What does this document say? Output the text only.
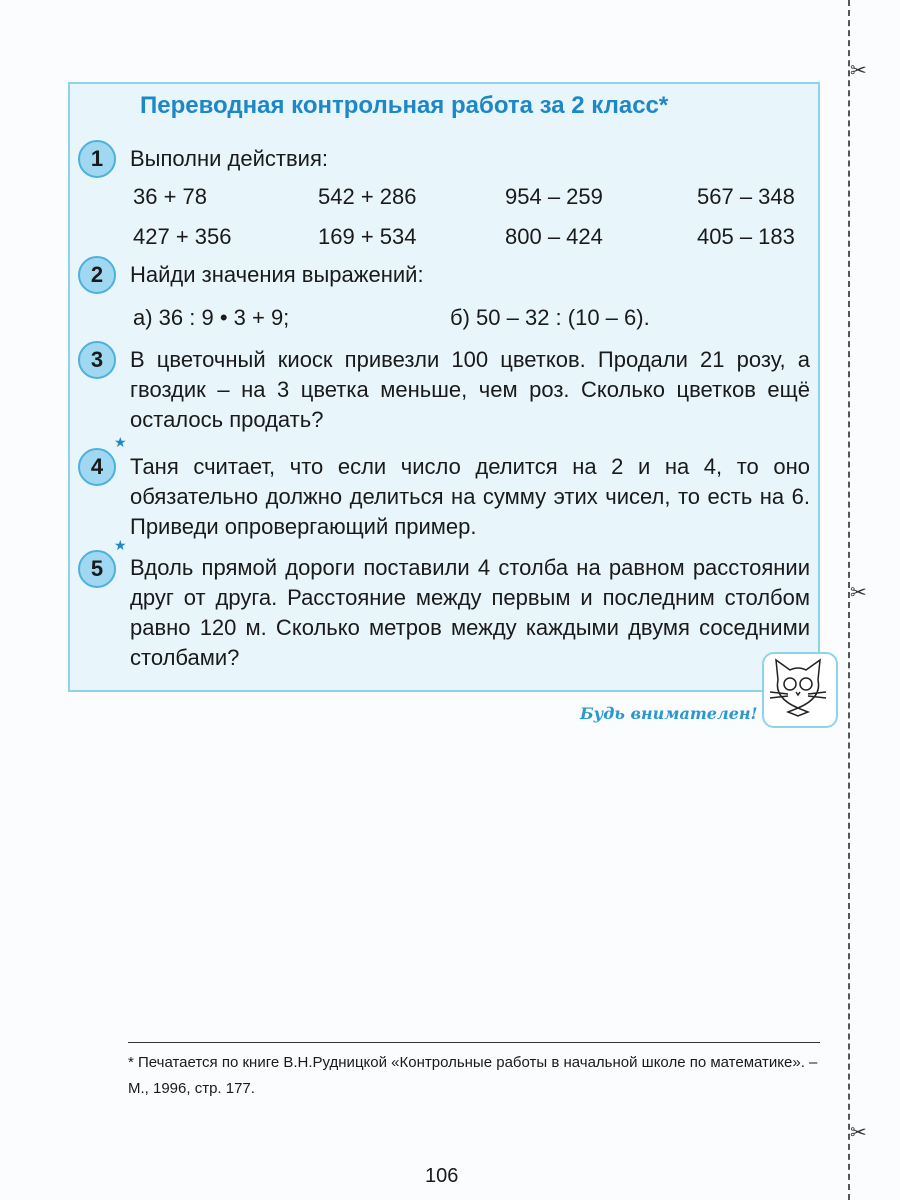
✂
✂
✂
Переводная контрольная работа за 2 класс*
1	Выполни действия:
36 + 78	542 + 286	954 – 259	567 – 348
427 + 356	169 + 534	800 – 424	405 – 183
2	Найди значения выражений:
а) 36 : 9 • 3 + 9;	б) 50 – 32 : (10 – 6).
3	В цветочный киоск привезли 100 цветков. Продали 21 розу, а гвоздик – на 3 цветка меньше, чем роз. Сколько цветков ещё осталось продать?
★
4	Таня считает, что если число делится на 2 и на 4, то оно обязательно должно делиться на сумму этих чисел, то есть на 6. Приведи опровергающий пример.
★
5	Вдоль прямой дороги поставили 4 столба на равном расстоянии друг от друга. Расстояние между первым и последним столбом равно 120 м. Сколько метров между каждыми двумя соседними столбами?
Будь внимателен!
* Печатается по книге В.Н.Рудницкой «Контрольные работы в начальной школе по математике». – М., 1996, стр. 177.
106
